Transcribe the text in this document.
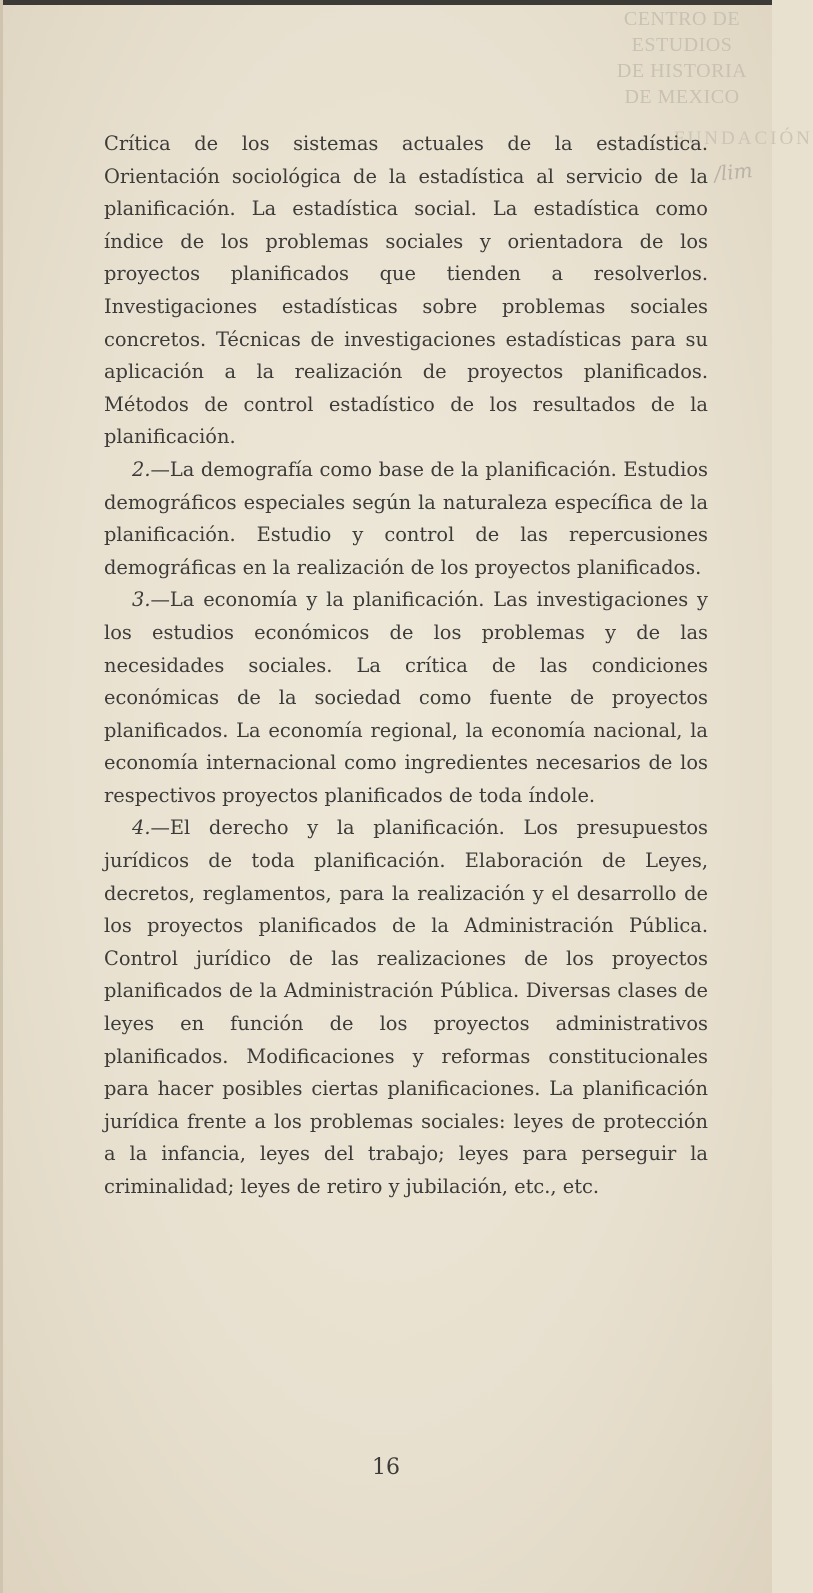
CENTRO DE
ESTUDIOS
DE HISTORIA
DE MEXICO
FUNDACIÓN
/lim

Crítica de los sistemas actuales de la estadística. Orientación sociológica de la estadística al servicio de la planificación. La estadística social. La estadística como índice de los problemas sociales y orientadora de los proyectos planificados que tienden a resolverlos. Investigaciones estadísticas sobre problemas sociales concretos. Técnicas de investigaciones estadísticas para su aplicación a la realización de proyectos planificados. Métodos de control estadístico de los resultados de la planificación.

2.—La demografía como base de la planificación. Estudios demográficos especiales según la naturaleza específica de la planificación. Estudio y control de las repercusiones demográficas en la realización de los proyectos planificados.

3.—La economía y la planificación. Las investigaciones y los estudios económicos de los problemas y de las necesidades sociales. La crítica de las condiciones económicas de la sociedad como fuente de proyectos planificados. La economía regional, la economía nacional, la economía internacional como ingredientes necesarios de los respectivos proyectos planificados de toda índole.

4.—El derecho y la planificación. Los presupuestos jurídicos de toda planificación. Elaboración de Leyes, decretos, reglamentos, para la realización y el desarrollo de los proyectos planificados de la Administración Pública. Control jurídico de las realizaciones de los proyectos planificados de la Administración Pública. Diversas clases de leyes en función de los proyectos administrativos planificados. Modificaciones y reformas constitucionales para hacer posibles ciertas planificaciones. La planificación jurídica frente a los problemas sociales: leyes de protección a la infancia, leyes del trabajo; leyes para perseguir la criminalidad; leyes de retiro y jubilación, etc., etc.

16
